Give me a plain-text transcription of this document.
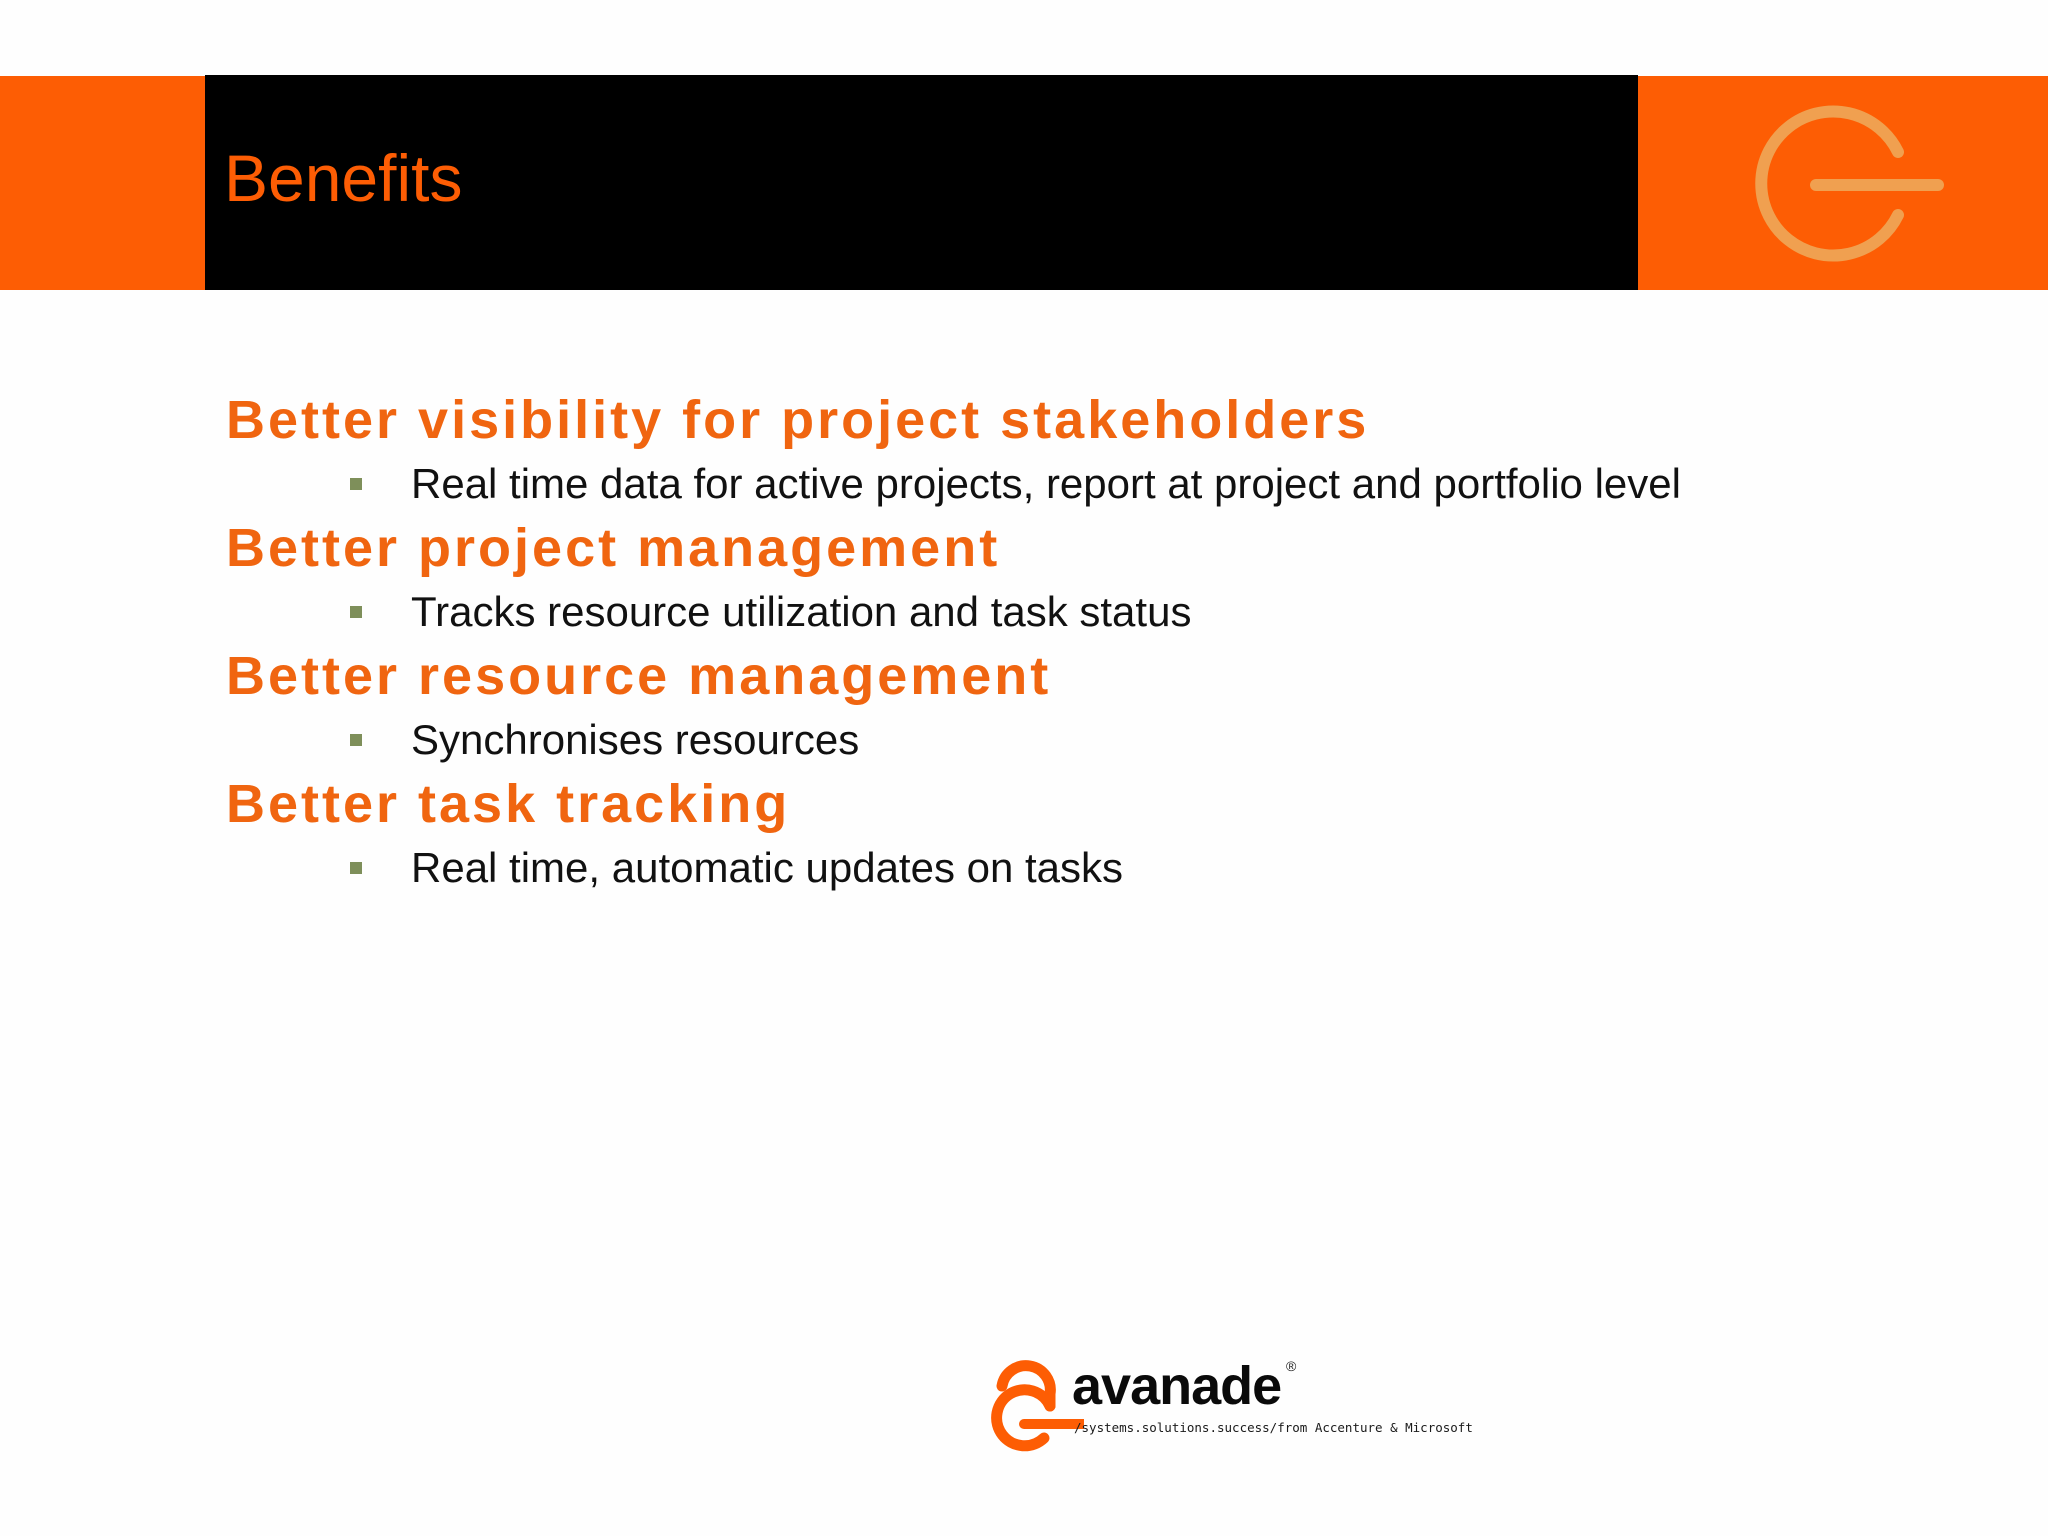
Benefits
Better visibility for project stakeholders
Real time data for active projects, report at project and portfolio level
Better project management
Tracks resource utilization and task status
Better resource management
Synchronises resources
Better task tracking
Real time, automatic updates on tasks
avanade ®
/systems.solutions.success/from Accenture & Microsoft
